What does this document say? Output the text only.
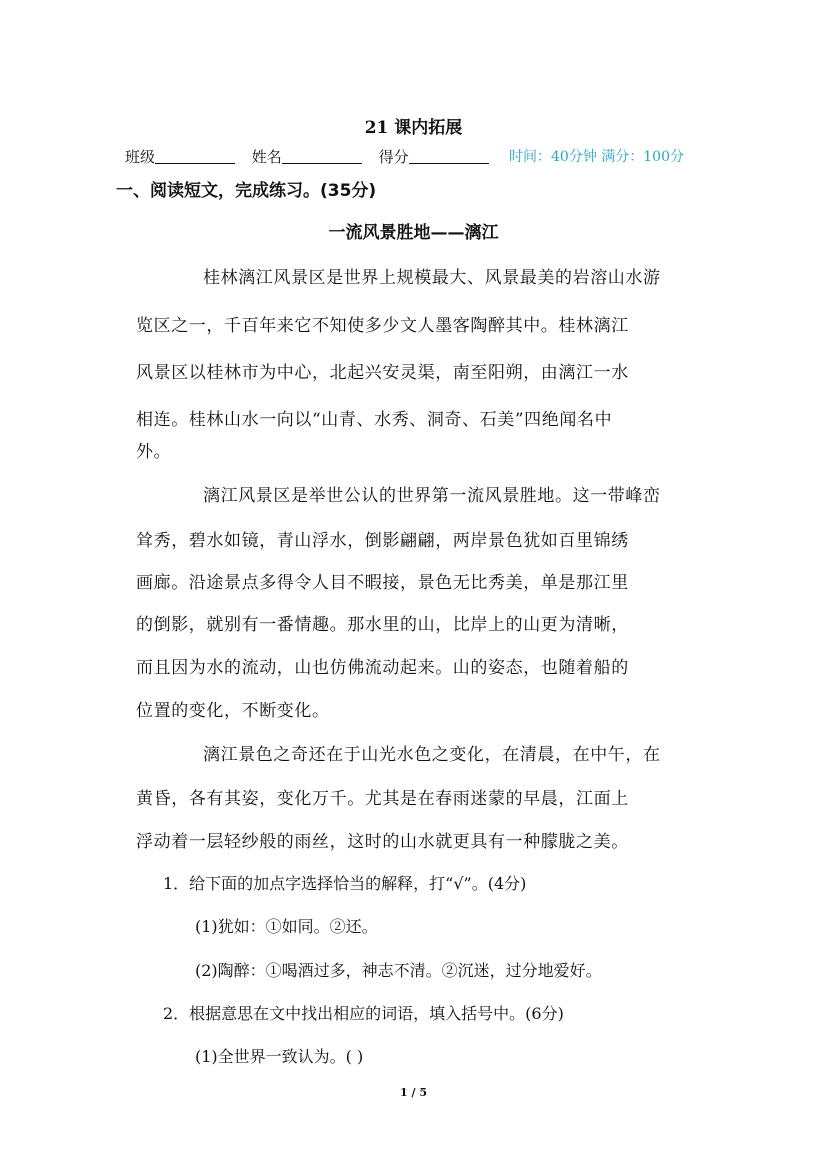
21 课内拓展
班级	姓名	得分	时间：40分钟 满分：100分
一、阅读短文，完成练习。(35分)
一流风景胜地——漓江
桂林漓江风景区是世界上规模最大、风景最美的岩溶山水游
览区之一，千百年来它不知使多少文人墨客陶醉其中。桂林漓江
风景区以桂林市为中心，北起兴安灵渠，南至阳朔，由漓江一水
相连。桂林山水一向以“山青、水秀、洞奇、石美”四绝闻名中
外。
漓江风景区是举世公认的世界第一流风景胜地。这一带峰峦
耸秀，碧水如镜，青山浮水，倒影翩翩，两岸景色犹如百里锦绣
画廊。沿途景点多得令人目不暇接，景色无比秀美，单是那江里
的倒影，就别有一番情趣。那水里的山，比岸上的山更为清晰，
而且因为水的流动，山也仿佛流动起来。山的姿态，也随着船的
位置的变化，不断变化。
漓江景色之奇还在于山光水色之变化，在清晨，在中午，在
黄昏，各有其姿，变化万千。尤其是在春雨迷蒙的早晨，江面上
浮动着一层轻纱般的雨丝，这时的山水就更具有一种朦胧之美。
1．给下面的加点字选择恰当的解释，打“√”。(4分)
(1)犹如：①如同。②还。
(2)陶醉：①喝酒过多，神志不清。②沉迷，过分地爱好。
2．根据意思在文中找出相应的词语，填入括号中。(6分)
(1)全世界一致认为。( )
1 / 5
